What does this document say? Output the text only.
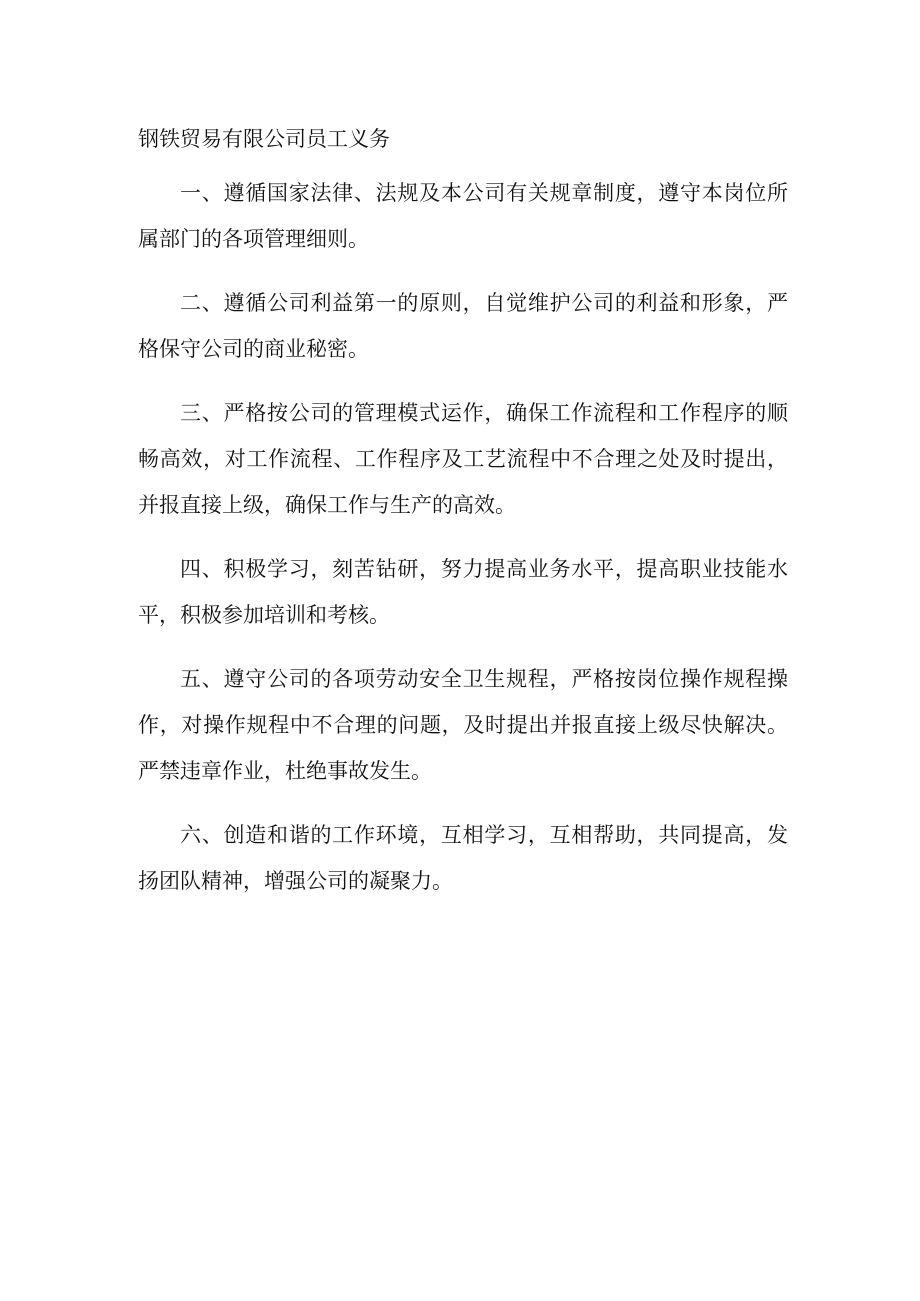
钢铁贸易有限公司员工义务

一、遵循国家法律、法规及本公司有关规章制度，遵守本岗位所属部门的各项管理细则。

二、遵循公司利益第一的原则，自觉维护公司的利益和形象，严格保守公司的商业秘密。

三、严格按公司的管理模式运作，确保工作流程和工作程序的顺畅高效，对工作流程、工作程序及工艺流程中不合理之处及时提出，并报直接上级，确保工作与生产的高效。

四、积极学习，刻苦钻研，努力提高业务水平，提高职业技能水平，积极参加培训和考核。

五、遵守公司的各项劳动安全卫生规程，严格按岗位操作规程操作，对操作规程中不合理的问题，及时提出并报直接上级尽快解决。严禁违章作业，杜绝事故发生。

六、创造和谐的工作环境，互相学习，互相帮助，共同提高，发扬团队精神，增强公司的凝聚力。
